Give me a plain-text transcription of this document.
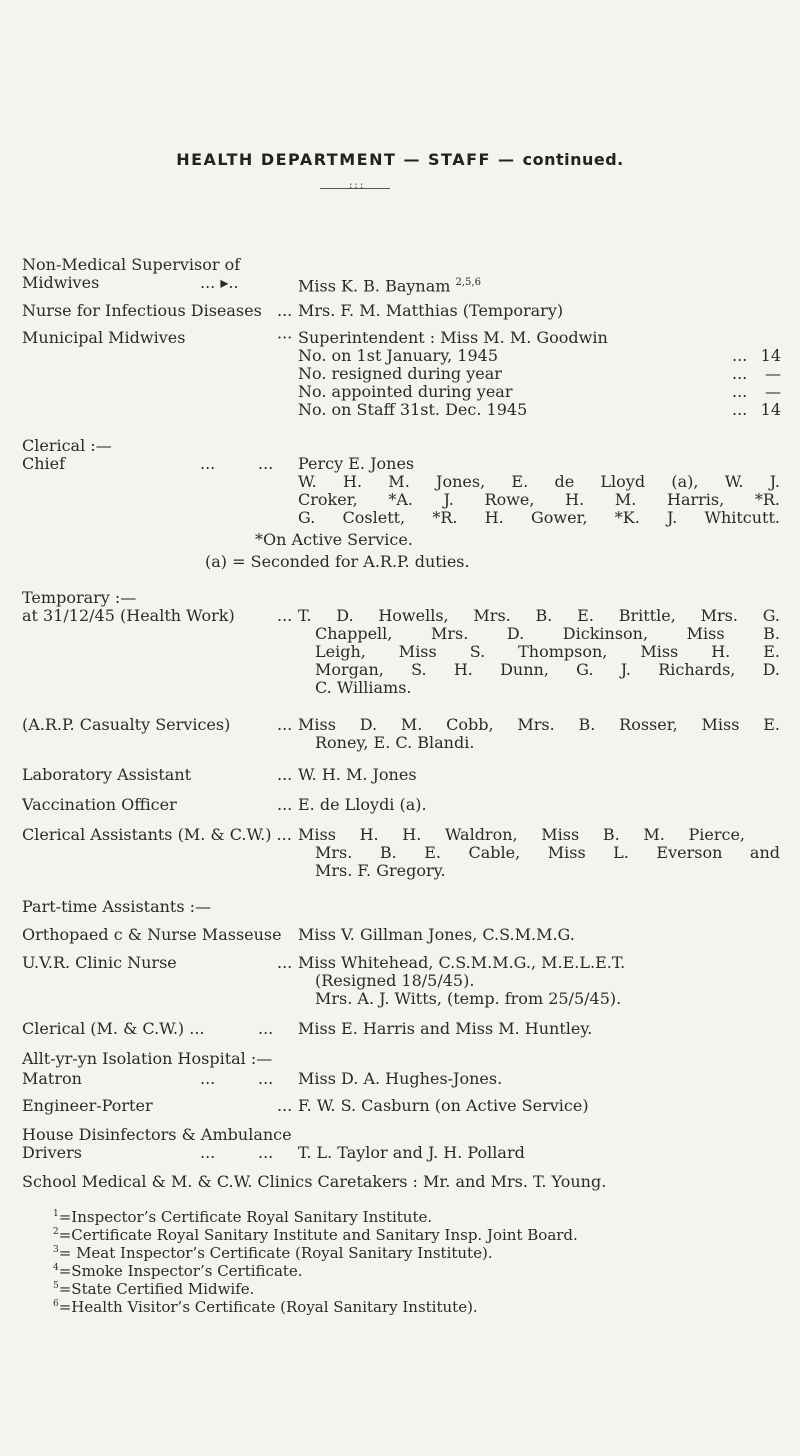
HEALTH DEPARTMENT — STAFF — continued.
:::
Non-Medical Supervisor of
Midwives	... ▸..	Miss K. B. Baynam $^{2,5,6}$
Nurse for Infectious Diseases ... Mrs. F. M. Matthias (Temporary)
Municipal Midwives	··· Superintendent : Miss M. M. Goodwin
No. on 1st January, 1945	... 14
No. resigned during year	...	—
No. appointed during year	...	—
No. on Staff 31st. Dec. 1945	... 14
Clerical :—
Chief	...	... Percy E. Jones
W. H. M. Jones, E. de Lloyd (a), W. J.
Croker, *A. J. Rowe, H. M. Harris, *R.
G. Coslett, *R. H. Gower, *K. J. Whitcutt.
*On Active Service.
(a) = Seconded for A.R.P. duties.
Temporary :—
at 31/12/45 (Health Work)	... T. D. Howells, Mrs. B. E. Brittle, Mrs. G.
Chappell, Mrs. D. Dickinson, Miss B.
Leigh, Miss S. Thompson, Miss H. E.
Morgan, S. H. Dunn, G. J. Richards, D.
C. Williams.
(A.R.P. Casualty Services)	... Miss D. M. Cobb, Mrs. B. Rosser, Miss E.
Roney, E. C. Blandi.
Laboratory Assistant	... W. H. M. Jones
Vaccination Officer	... E. de Lloydi (a).
Clerical Assistants (M. & C.W.) ... Miss H. H. Waldron, Miss B. M. Pierce,
Mrs. B. E. Cable, Miss L. Everson and
Mrs. F. Gregory.
Part-time Assistants :—
Orthopaed c & Nurse Masseuse Miss V. Gillman Jones, C.S.M.M.G.
U.V.R. Clinic Nurse	... Miss Whitehead, C.S.M.M.G., M.E.L.E.T.
(Resigned 18/5/45).
Mrs. A. J. Witts, (temp. from 25/5/45).
Clerical (M. & C.W.) ...	... Miss E. Harris and Miss M. Huntley.
Allt-yr-yn Isolation Hospital :—
Matron	...	... Miss D. A. Hughes-Jones.
Engineer-Porter	... F. W. S. Casburn (on Active Service)
House Disinfectors & Ambulance
Drivers	...	... T. L. Taylor and J. H. Pollard
School Medical & M. & C.W. Clinics Caretakers : Mr. and Mrs. T. Young.
$^1$=Inspector’s Certificate Royal Sanitary Institute.
$^2$=Certificate Royal Sanitary Institute and Sanitary Insp. Joint Board.
$^3$= Meat Inspector’s Certificate (Royal Sanitary Institute).
$^4$=Smoke Inspector’s Certificate.
$^5$=State Certified Midwife.
$^6$=Health Visitor’s Certificate (Royal Sanitary Institute).
